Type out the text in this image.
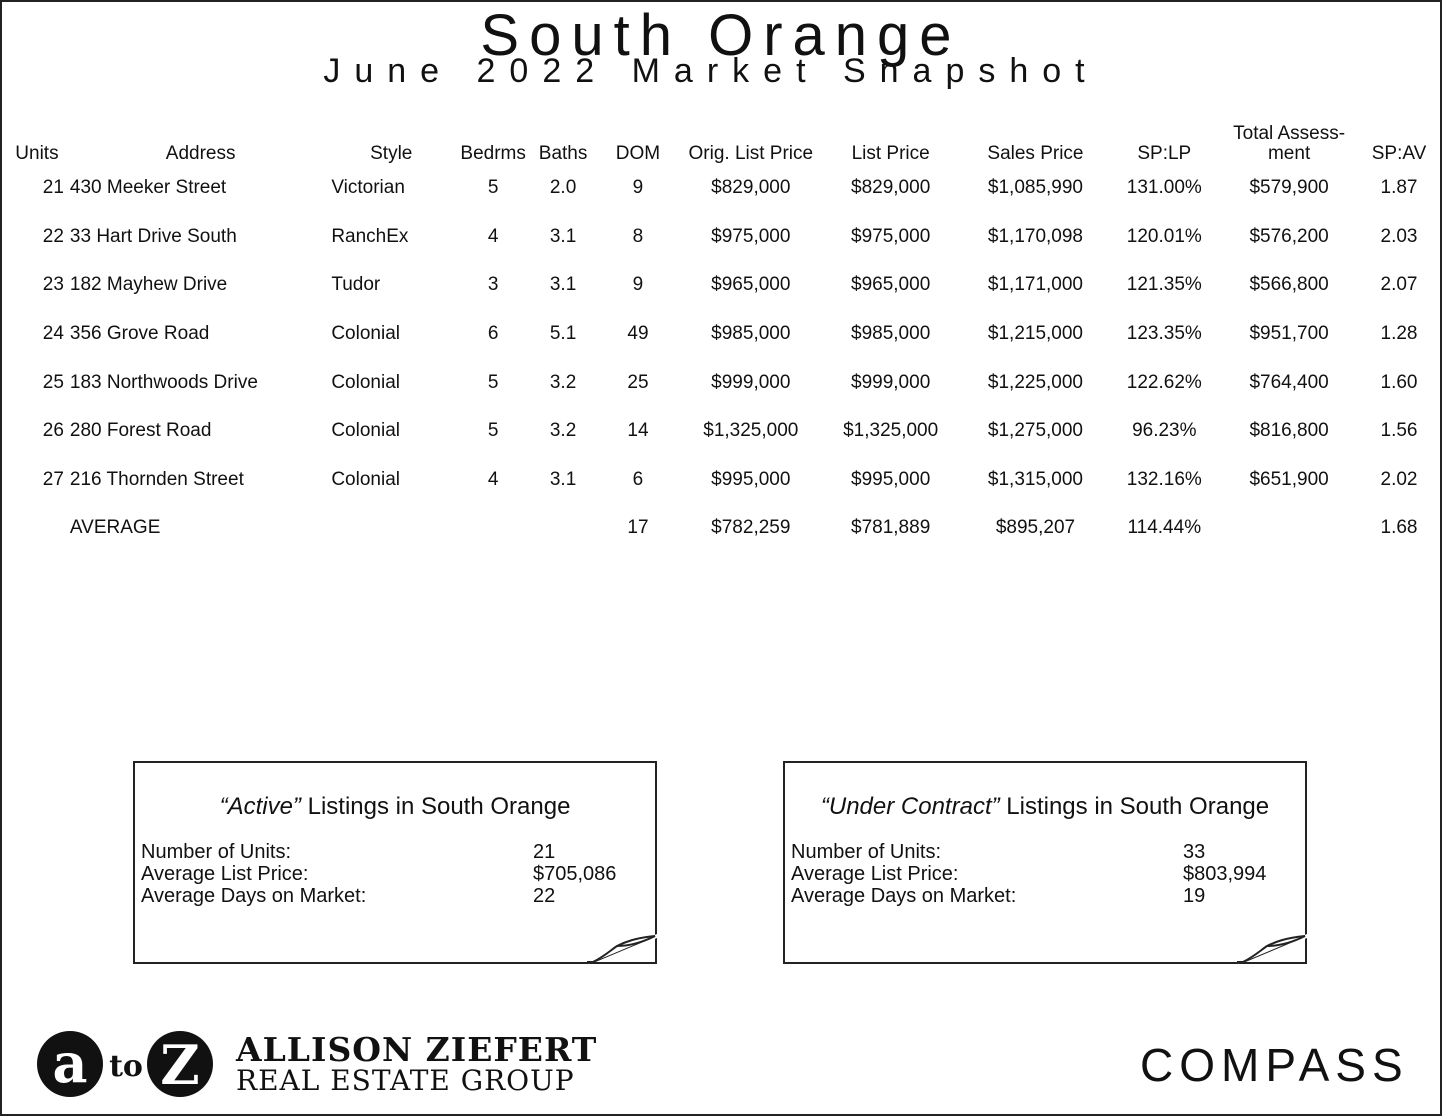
South Orange
June 2022 Market Snapshot
Units	Address	Style	Bedrms	Baths	DOM	Orig. List Price	List Price	Sales Price	SP:LP	Total Assess-
ment	SP:AV
21	430 Meeker Street	Victorian	5	2.0	9	$829,000	$829,000	$1,085,990	131.00%	$579,900	1.87
22	33 Hart Drive South	RanchEx	4	3.1	8	$975,000	$975,000	$1,170,098	120.01%	$576,200	2.03
23	182 Mayhew Drive	Tudor	3	3.1	9	$965,000	$965,000	$1,171,000	121.35%	$566,800	2.07
24	356 Grove Road	Colonial	6	5.1	49	$985,000	$985,000	$1,215,000	123.35%	$951,700	1.28
25	183 Northwoods Drive	Colonial	5	3.2	25	$999,000	$999,000	$1,225,000	122.62%	$764,400	1.60
26	280 Forest Road	Colonial	5	3.2	14	$1,325,000	$1,325,000	$1,275,000	96.23%	$816,800	1.56
27	216 Thornden Street	Colonial	4	3.1	6	$995,000	$995,000	$1,315,000	132.16%	$651,900	2.02
	AVERAGE				17	$782,259	$781,889	$895,207	114.44%		1.68
“Active” Listings in South Orange
Number of Units:	21
Average List Price:	$705,086
Average Days on Market:	22
“Under Contract” Listings in South Orange
Number of Units:	33
Average List Price:	$803,994
Average Days on Market:	19
a to Z ALLISON ZIEFERT
REAL ESTATE GROUP	COMPASS
